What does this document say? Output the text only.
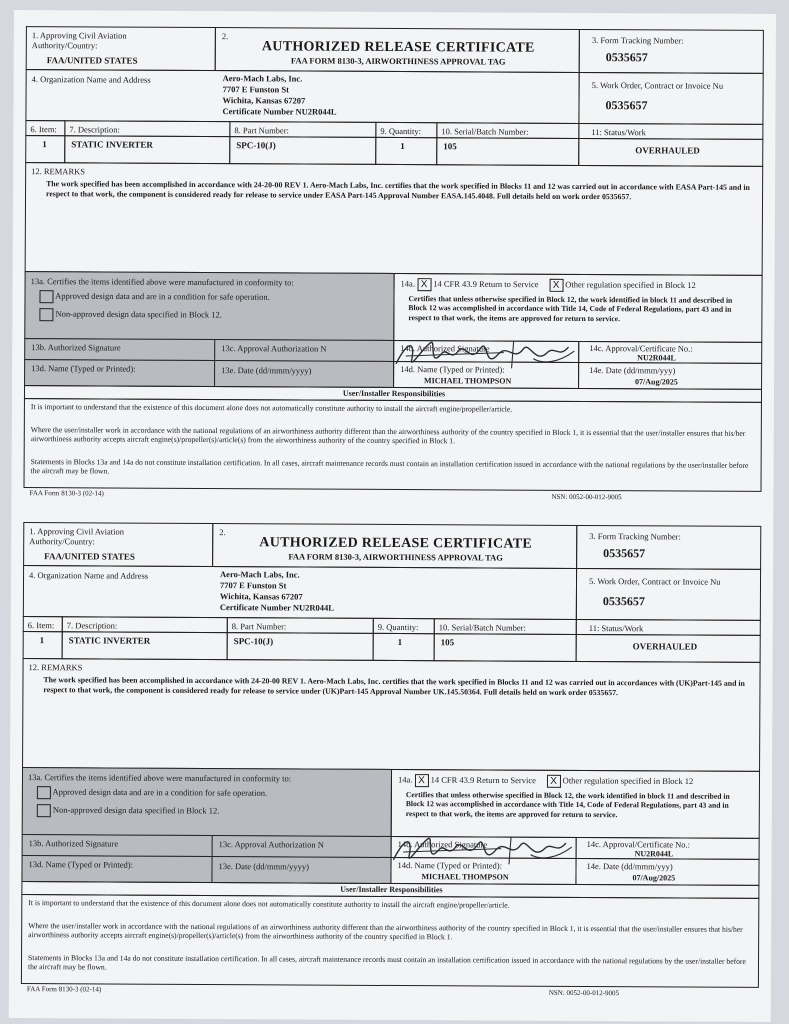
1. Approving Civil Aviation Authority/Country:
FAA/UNITED STATES
2.
AUTHORIZED RELEASE CERTIFICATE
FAA FORM 8130-3, AIRWORTHINESS APPROVAL TAG
3. Form Tracking Number:
0535657
4. Organization Name and Address	Aero-Mach Labs, Inc.
7707 E Funston St
Wichita, Kansas 67207
Certificate Number NU2R044L
5. Work Order, Contract or Invoice Nu
0535657
6. Item:	7. Description:	8. Part Number:	9. Quantity:	10. Serial/Batch Number:	11: Status/Work
1	STATIC INVERTER	SPC-10(J)	1	105	OVERHAULED
12. REMARKS
The work specified has been accomplished in accordance with 24-20-00 REV 1. Aero-Mach Labs, Inc. certifies that the work specified in Blocks 11 and 12 was carried out in accordance with EASA Part-145 and in respect to that work, the component is considered ready for release to service under EASA Part-145 Approval Number EASA.145.4048. Full details held on work order 0535657.
13a. Certifies the items identified above were manufactured in conformity to:
Approved design data and are in a condition for safe operation.
Non-approved design data specified in Block 12.
14a. X 14 CFR 43.9 Return to Service X Other regulation specified in Block 12
Certifies that unless otherwise specified in Block 12, the work identified in block 11 and described in Block 12 was accomplished in accordance with Title 14, Code of Federal Regulations, part 43 and in respect to that work, the items are approved for return to service.
13b. Authorized Signature	13c. Approval Authorization N	14b. Authorized Signature	14c. Approval/Certificate No.:
NU2R044L
13d. Name (Typed or Printed):	13e. Date (dd/mmm/yyyy)	14d. Name (Typed or Printed):
MICHAEL THOMPSON
14e. Date (dd/mmm/yyy)
07/Aug/2025
User/Installer Responsibilities
It is important to understand that the existence of this document alone does not automatically constitute authority to install the aircraft engine/propeller/article.
Where the user/installer work in accordance with the national regulations of an airworthiness authority different than the airworthiness authority of the country specified in Block 1, it is essential that the user/installer ensures that his/her airworthiness authority accepts aircraft engine(s)/propeller(s)/article(s) from the airworthiness authority of the country specified in Block 1.
Statements in Blocks 13a and 14a do not constitute installation certification. In all cases, aircraft maintenance records must contain an installation certification issued in accordance with the national regulations by the user/installer before the aircraft may be flown.
FAA Form 8130-3 (02-14)	NSN: 0052-00-012-9005
1. Approving Civil Aviation Authority/Country:
FAA/UNITED STATES
2.
AUTHORIZED RELEASE CERTIFICATE
FAA FORM 8130-3, AIRWORTHINESS APPROVAL TAG
3. Form Tracking Number:
0535657
4. Organization Name and Address	Aero-Mach Labs, Inc.
7707 E Funston St
Wichita, Kansas 67207
Certificate Number NU2R044L
5. Work Order, Contract or Invoice Nu
0535657
6. Item:	7. Description:	8. Part Number:	9. Quantity:	10. Serial/Batch Number:	11: Status/Work
1	STATIC INVERTER	SPC-10(J)	1	105	OVERHAULED
12. REMARKS
The work specified has been accomplished in accordance with 24-20-00 REV 1. Aero-Mach Labs, Inc. certifies that the work specified in Blocks 11 and 12 was carried out in accordances with (UK)Part-145 and in respect to that work, the component is considered ready for release to service under (UK)Part-145 Approval Number UK.145.50364. Full details held on work order 0535657.
13a. Certifies the items identified above were manufactured in conformity to:
Approved design data and are in a condition for safe operation.
Non-approved design data specified in Block 12.
14a. X 14 CFR 43.9 Return to Service X Other regulation specified in Block 12
Certifies that unless otherwise specified in Block 12, the work identified in block 11 and described in Block 12 was accomplished in accordance with Title 14, Code of Federal Regulations, part 43 and in respect to that work, the items are approved for return to service.
13b. Authorized Signature	13c. Approval Authorization N	14b. Authorized Signature	14c. Approval/Certificate No.:
NU2R044L
13d. Name (Typed or Printed):	13e. Date (dd/mmm/yyyy)	14d. Name (Typed or Printed):
MICHAEL THOMPSON
14e. Date (dd/mmm/yyy)
07/Aug/2025
User/Installer Responsibilities
It is important to understand that the existence of this document alone does not automatically constitute authority to install the aircraft engine/propeller/article.
Where the user/installer work in accordance with the national regulations of an airworthiness authority different than the airworthiness authority of the country specified in Block 1, it is essential that the user/installer ensures that his/her airworthiness authority accepts aircraft engine(s)/propeller(s)/article(s) from the airworthiness authority of the country specified in Block 1.
Statements in Blocks 13a and 14a do not constitute installation certification. In all cases, aircraft maintenance records must contain an installation certification issued in accordance with the national regulations by the user/installer before the aircraft may be flown.
FAA Form 8130-3 (02-14)	NSN: 0052-00-012-9005
